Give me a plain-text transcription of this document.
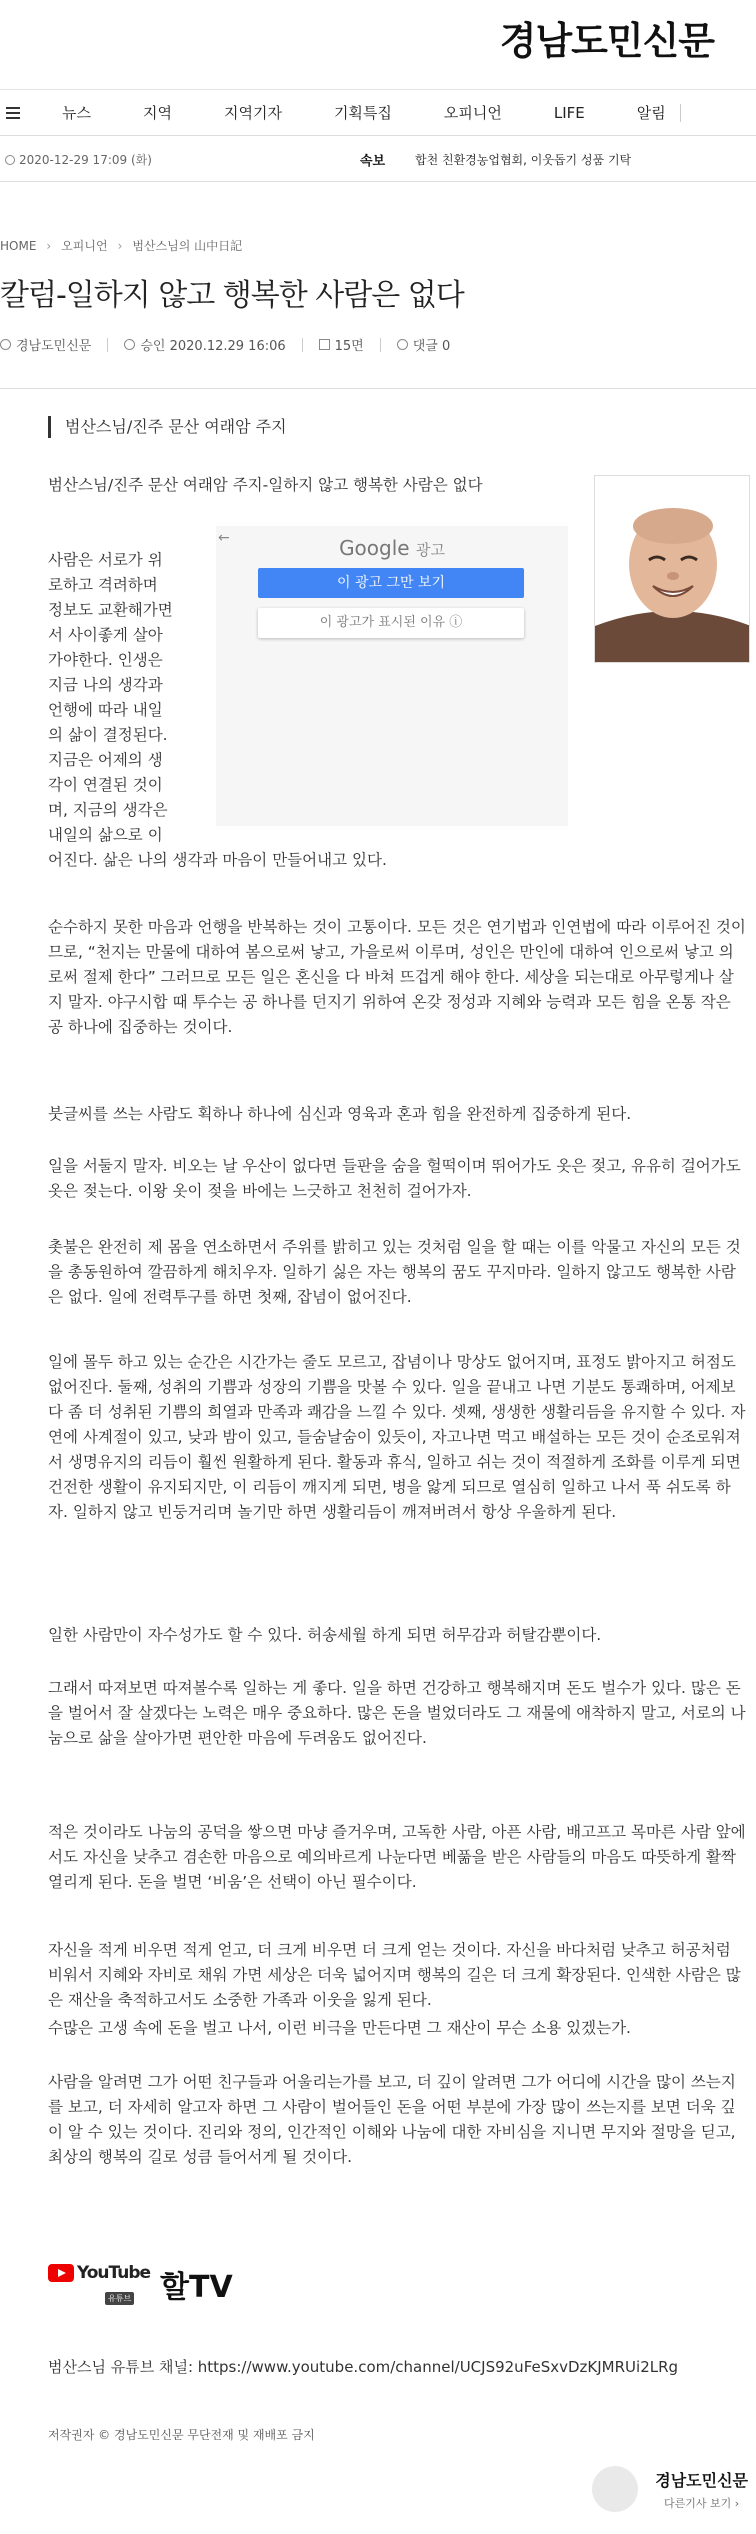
경남도민신문
뉴스	지역	지역기자	기획특집	오피니언	LIFE	알림
2020-12-29 17:09 (화)	속보 합천 친환경농업협회, 이웃돕기 성품 기탁
HOME › 오피니언 › 범산스님의 山中日記
칼럼-일하지 않고 행복한 사람은 없다
경남도민신문	승인 2020.12.29 16:06	15면	댓글 0
범산스님/진주 문산 여래암 주지
범산스님/진주 문산 여래암 주지-일하지 않고 행복한 사람은 없다
←	Google 광고
이 광고 그만 보기
이 광고가 표시된 이유 ⓘ
사람은 서로가 위
로하고 격려하며
정보도 교환해가면
서 사이좋게 살아
가야한다. 인생은
지금 나의 생각과
언행에 따라 내일
의 삶이 결정된다.
지금은 어제의 생
각이 연결된 것이
며, 지금의 생각은
내일의 삶으로 이
어진다. 삶은 나의 생각과 마음이 만들어내고 있다.
순수하지 못한 마음과 언행을 반복하는 것이 고통이다. 모든 것은 연기법과 인연법에 따라 이루어진 것이므로, “천지는 만물에 대하여 봄으로써 낳고, 가을로써 이루며, 성인은 만인에 대하여 인으로써 낳고 의로써 절제 한다” 그러므로 모든 일은 혼신을 다 바쳐 뜨겁게 해야 한다. 세상을 되는대로 아무렇게나 살지 말자. 야구시합 때 투수는 공 하나를 던지기 위하여 온갖 정성과 지혜와 능력과 모든 힘을 온통 작은 공 하나에 집중하는 것이다.
붓글씨를 쓰는 사람도 획하나 하나에 심신과 영육과 혼과 힘을 완전하게 집중하게 된다.
일을 서둘지 말자. 비오는 날 우산이 없다면 들판을 숨을 헐떡이며 뛰어가도 옷은 젖고, 유유히 걸어가도 옷은 젖는다. 이왕 옷이 젖을 바에는 느긋하고 천천히 걸어가자.
촛불은 완전히 제 몸을 연소하면서 주위를 밝히고 있는 것처럼 일을 할 때는 이를 악물고 자신의 모든 것을 총동원하여 깔끔하게 해치우자. 일하기 싫은 자는 행복의 꿈도 꾸지마라. 일하지 않고도 행복한 사람은 없다. 일에 전력투구를 하면 첫째, 잡념이 없어진다.
일에 몰두 하고 있는 순간은 시간가는 줄도 모르고, 잡념이나 망상도 없어지며, 표정도 밝아지고 허점도 없어진다. 둘째, 성취의 기쁨과 성장의 기쁨을 맛볼 수 있다. 일을 끝내고 나면 기분도 통쾌하며, 어제보다 좀 더 성취된 기쁨의 희열과 만족과 쾌감을 느낄 수 있다. 셋째, 생생한 생활리듬을 유지할 수 있다. 자연에 사계절이 있고, 낮과 밤이 있고, 들숨날숨이 있듯이, 자고나면 먹고 배설하는 모든 것이 순조로워져서 생명유지의 리듬이 훨씬 원활하게 된다. 활동과 휴식, 일하고 쉬는 것이 적절하게 조화를 이루게 되면 건전한 생활이 유지되지만, 이 리듬이 깨지게 되면, 병을 앓게 되므로 열심히 일하고 나서 푹 쉬도록 하자. 일하지 않고 빈둥거리며 놀기만 하면 생활리듬이 깨져버려서 항상 우울하게 된다.
일한 사람만이 자수성가도 할 수 있다. 허송세월 하게 되면 허무감과 허탈감뿐이다.
그래서 따져보면 따져볼수록 일하는 게 좋다. 일을 하면 건강하고 행복해지며 돈도 벌수가 있다. 많은 돈을 벌어서 잘 살겠다는 노력은 매우 중요하다. 많은 돈을 벌었더라도 그 재물에 애착하지 말고, 서로의 나눔으로 삶을 살아가면 편안한 마음에 두려움도 없어진다.
적은 것이라도 나눔의 공덕을 쌓으면 마냥 즐거우며, 고독한 사람, 아픈 사람, 배고프고 목마른 사람 앞에서도 자신을 낮추고 겸손한 마음으로 예의바르게 나눈다면 베풂을 받은 사람들의 마음도 따뜻하게 활짝 열리게 된다. 돈을 벌면 ‘비움’은 선택이 아닌 필수이다.
자신을 적게 비우면 적게 얻고, 더 크게 비우면 더 크게 얻는 것이다. 자신을 바다처럼 낮추고 허공처럼 비워서 지혜와 자비로 채워 가면 세상은 더욱 넓어지며 행복의 길은 더 크게 확장된다. 인색한 사람은 많은 재산을 축적하고서도 소중한 가족과 이웃을 잃게 된다.
수많은 고생 속에 돈을 벌고 나서, 이런 비극을 만든다면 그 재산이 무슨 소용 있겠는가.
사람을 알려면 그가 어떤 친구들과 어울리는가를 보고, 더 깊이 알려면 그가 어디에 시간을 많이 쓰는지를 보고, 더 자세히 알고자 하면 그 사람이 벌어들인 돈을 어떤 부분에 가장 많이 쓰는지를 보면 더욱 깊이 알 수 있는 것이다. 진리와 정의, 인간적인 이해와 나눔에 대한 자비심을 지니면 무지와 절망을 딛고, 최상의 행복의 길로 성큼 들어서게 될 것이다.
YouTube
유튜브 할TV
범산스님 유튜브 채널: https://www.youtube.com/channel/UCJS92uFeSxvDzKJMRUi2LRg
저작권자 © 경남도민신문 무단전재 및 재배포 금지
경남도민신문
다른기사 보기 ›
